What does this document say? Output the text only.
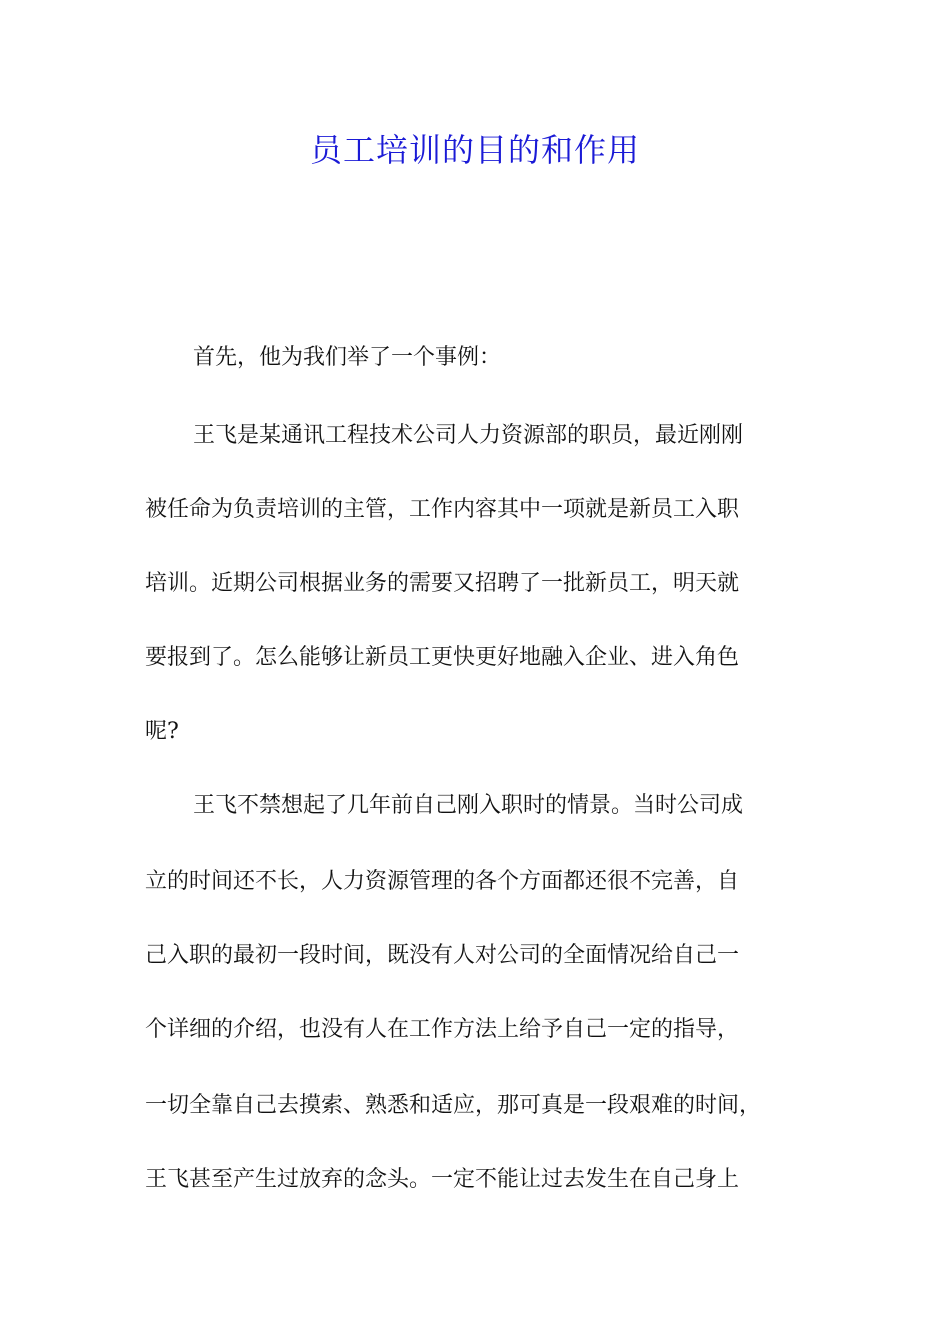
员工培训的目的和作用
首先，他为我们举了一个事例：
王飞是某通讯工程技术公司人力资源部的职员，最近刚刚
被任命为负责培训的主管，工作内容其中一项就是新员工入职
培训。近期公司根据业务的需要又招聘了一批新员工，明天就
要报到了。怎么能够让新员工更快更好地融入企业、进入角色
呢?
王飞不禁想起了几年前自己刚入职时的情景。当时公司成
立的时间还不长，人力资源管理的各个方面都还很不完善，自
己入职的最初一段时间，既没有人对公司的全面情况给自己一
个详细的介绍，也没有人在工作方法上给予自己一定的指导，
一切全靠自己去摸索、熟悉和适应，那可真是一段艰难的时间，
王飞甚至产生过放弃的念头。一定不能让过去发生在自己身上
